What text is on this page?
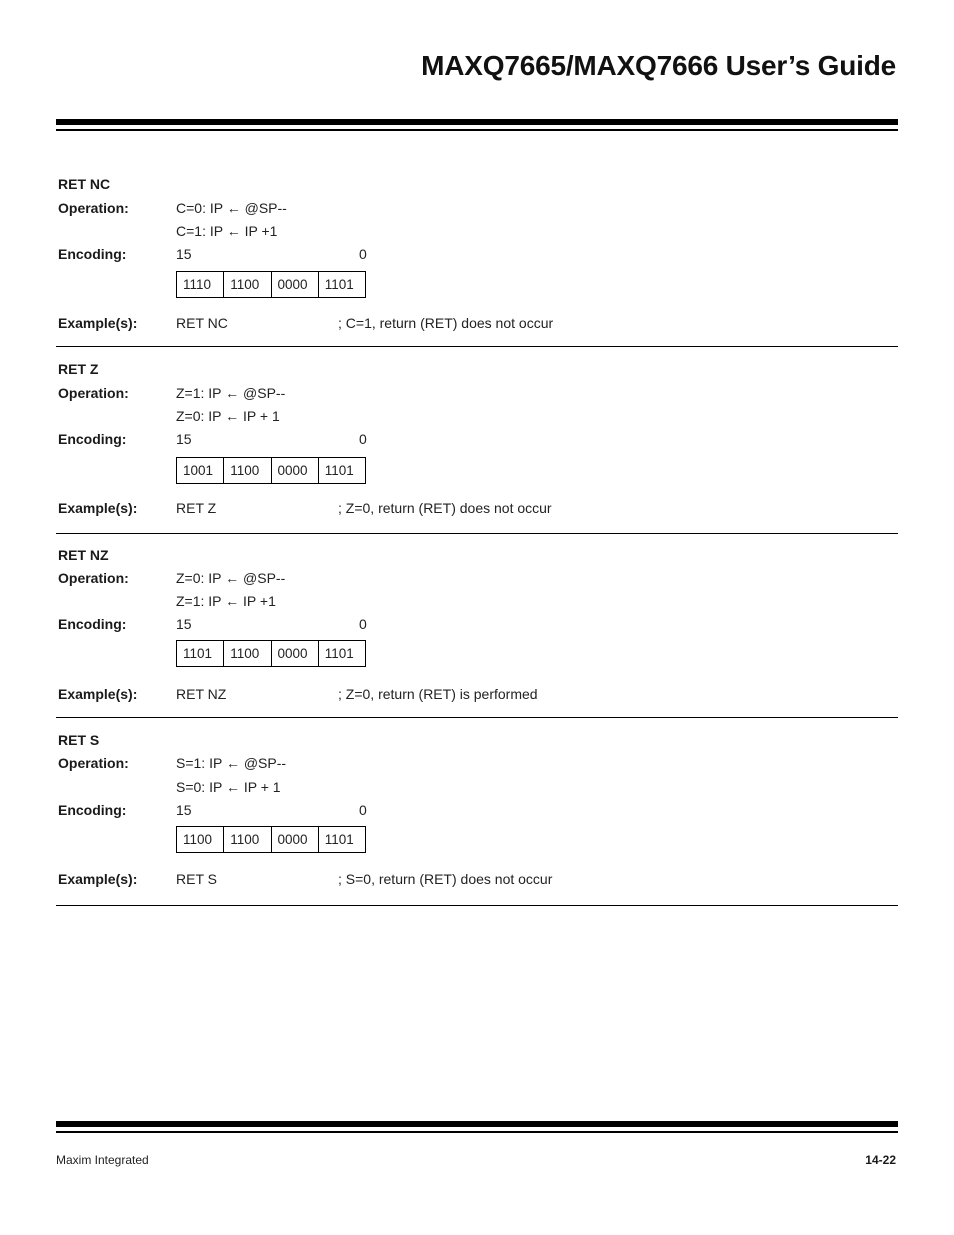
MAXQ7665/MAXQ7666 User’s Guide
RET NC
Operation:	C=0: IP ← @SP--
C=1: IP ← IP +1
Encoding:	15	0
1110	1100	0000	1101
Example(s):	RET NC	; C=1, return (RET) does not occur
RET Z
Operation:	Z=1: IP ← @SP--
Z=0: IP ← IP + 1
Encoding:	15	0
1001	1100	0000	1101
Example(s):	RET Z	; Z=0, return (RET) does not occur
RET NZ
Operation:	Z=0: IP ← @SP--
Z=1: IP ← IP +1
Encoding:	15	0
1101	1100	0000	1101
Example(s):	RET NZ	; Z=0, return (RET) is performed
RET S
Operation:	S=1: IP ← @SP--
S=0: IP ← IP + 1
Encoding:	15	0
1100	1100	0000	1101
Example(s):	RET S	; S=0, return (RET) does not occur
Maxim Integrated	14-22
